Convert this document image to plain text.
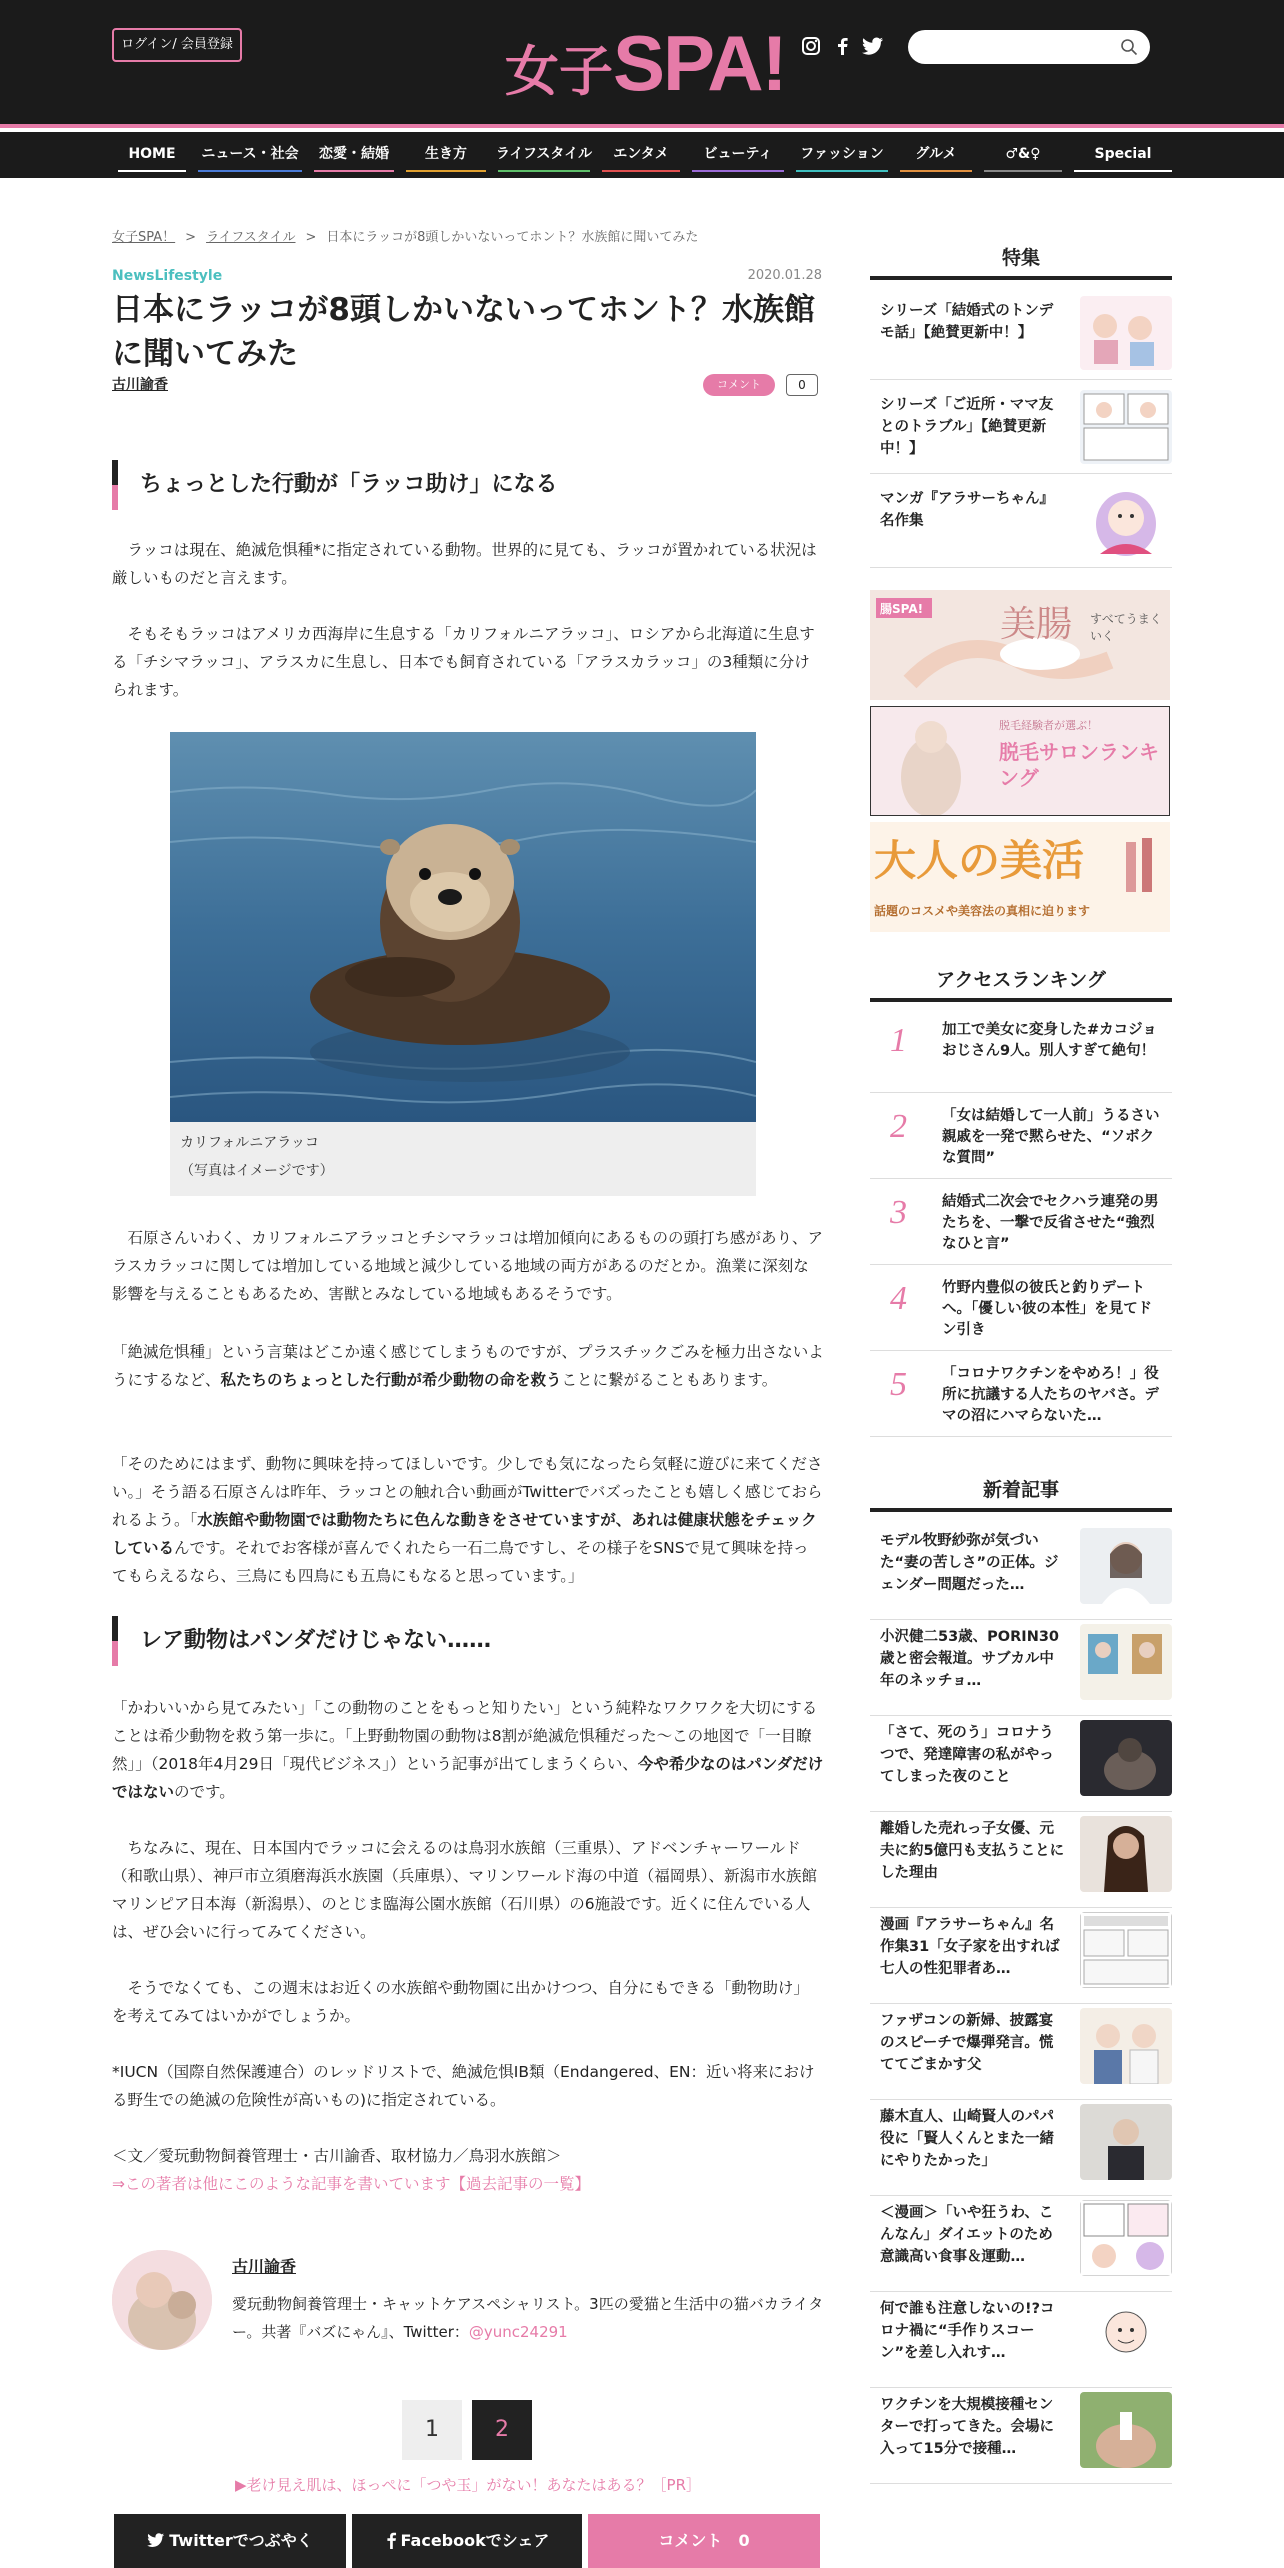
ログイン/ 会員登録	女子 SPA!
HOME	ニュース・社会	恋愛・結婚	生き方	ライフスタイル	エンタメ	ビューティ	ファッション	グルメ	♂&♀	Special
女子SPA！ > ライフスタイル > 日本にラッコが8頭しかいないってホント？水族館に聞いてみた
NewsLifestyle	2020.01.28
日本にラッコが8頭しかいないってホント？水族館に聞いてみた
古川諭香	コメント	0
ちょっとした行動が「ラッコ助け」になる

　ラッコは現在、絶滅危惧種*に指定されている動物。世界的に見ても、ラッコが置かれている状況は厳しいものだと言えます。

　そもそもラッコはアメリカ西海岸に生息する「カリフォルニアラッコ」、ロシアから北海道に生息する「チシマラッコ」、アラスカに生息し、日本でも飼育されている「アラスカラッコ」の3種類に分けられます。

カリフォルニアラッコ
（写真はイメージです）

　石原さんいわく、カリフォルニアラッコとチシマラッコは増加傾向にあるものの頭打ち感があり、アラスカラッコに関しては増加している地域と減少している地域の両方があるのだとか。漁業に深刻な影響を与えることもあるため、害獣とみなしている地域もあるそうです。

「絶滅危惧種」という言葉はどこか遠く感じてしまうものですが、プラスチックごみを極力出さないようにするなど、私たちのちょっとした行動が希少動物の命を救うことに繋がることもあります。

「そのためにはまず、動物に興味を持ってほしいです。少しでも気になったら気軽に遊びに来てください。」そう語る石原さんは昨年、ラッコとの触れ合い動画がTwitterでバズったことも嬉しく感じておられるよう。「水族館や動物園では動物たちに色んな動きをさせていますが、あれは健康状態をチェックしているんです。それでお客様が喜んでくれたら一石二鳥ですし、その様子をSNSで見て興味を持ってもらえるなら、三鳥にも四鳥にも五鳥にもなると思っています。」

レア動物はパンダだけじゃない……

「かわいいから見てみたい」「この動物のことをもっと知りたい」という純粋なワクワクを大切にすることは希少動物を救う第一歩に。「上野動物園の動物は8割が絶滅危惧種だった～この地図で「一目瞭然」」（2018年4月29日「現代ビジネス」）という記事が出てしまうくらい、今や希少なのはパンダだけではないのです。

　ちなみに、現在、日本国内でラッコに会えるのは鳥羽水族館（三重県）、アドベンチャーワールド（和歌山県）、神戸市立須磨海浜水族園（兵庫県）、マリンワールド海の中道（福岡県）、新潟市水族館マリンピア日本海（新潟県）、のとじま臨海公園水族館（石川県）の6施設です。近くに住んでいる人は、ぜひ会いに行ってみてください。

　そうでなくても、この週末はお近くの水族館や動物園に出かけつつ、自分にもできる「動物助け」を考えてみてはいかがでしょうか。

*IUCN（国際自然保護連合）のレッドリストで、絶滅危惧IB類（Endangered、EN：近い将来における野生での絶滅の危険性が高いもの)に指定されている。

＜文／愛玩動物飼養管理士・古川諭香、取材協力／鳥羽水族館＞

⇒この著者は他にこのような記事を書いています【過去記事の一覧】
古川諭香
愛玩動物飼養管理士・キャットケアスペシャリスト。3匹の愛猫と生活中の猫バカライター。共著『バズにゃん』、Twitter：@yunc24291
1	2
▶老け見え肌は、ほっぺに「つや玉」がない！あなたはある？［PR］
Twitterでつぶやく	Facebookでシェア	コメント　 0
特集
シリーズ「結婚式のトンデモ話」【絶賛更新中！】
シリーズ「ご近所・ママ友とのトラブル」【絶賛更新中！】
マンガ『アラサーちゃん』名作集
腸SPA! 美腸 すべてうまくいく
脱毛経験者が選ぶ！
脱毛サロンランキング
大人の美活
話題のコスメや美容法の真相に迫ります
アクセスランキング
1	加工で美女に変身した#カコジョおじさん9人。別人すぎて絶句！
2	「女は結婚して一人前」うるさい親戚を一発で黙らせた、“ソボクな質問”
3	結婚式二次会でセクハラ連発の男たちを、一撃で反省させた“強烈なひと言”
4	竹野内豊似の彼氏と釣りデートへ。「優しい彼の本性」を見てドン引き
5	「コロナワクチンをやめろ！」役所に抗議する人たちのヤバさ。デマの沼にハマらないた…
新着記事
モデル牧野紗弥が気づいた“妻の苦しさ”の正体。ジェンダー問題だった…
小沢健二53歳、PORIN30歳と密会報道。サブカル中年のネッチョ…
「さて、死のう」コロナうつで、発達障害の私がやってしまった夜のこと
離婚した売れっ子女優、元夫に約5億円も支払うことにした理由
漫画『アラサーちゃん』名作集31「女子家を出すれば七人の性犯罪者あ…
ファザコンの新婦、披露宴のスピーチで爆弾発言。慌ててごまかす父
藤木直人、山崎賢人のパパ役に「賢人くんとまた一緒にやりたかった」
＜漫画＞「いや狂うわ、こんなん」ダイエットのため意識高い食事＆運動…
何で誰も注意しないの!?コロナ禍に“手作りスコーン”を差し入れす…
ワクチンを大規模接種センターで打ってきた。会場に入って15分で接種…
